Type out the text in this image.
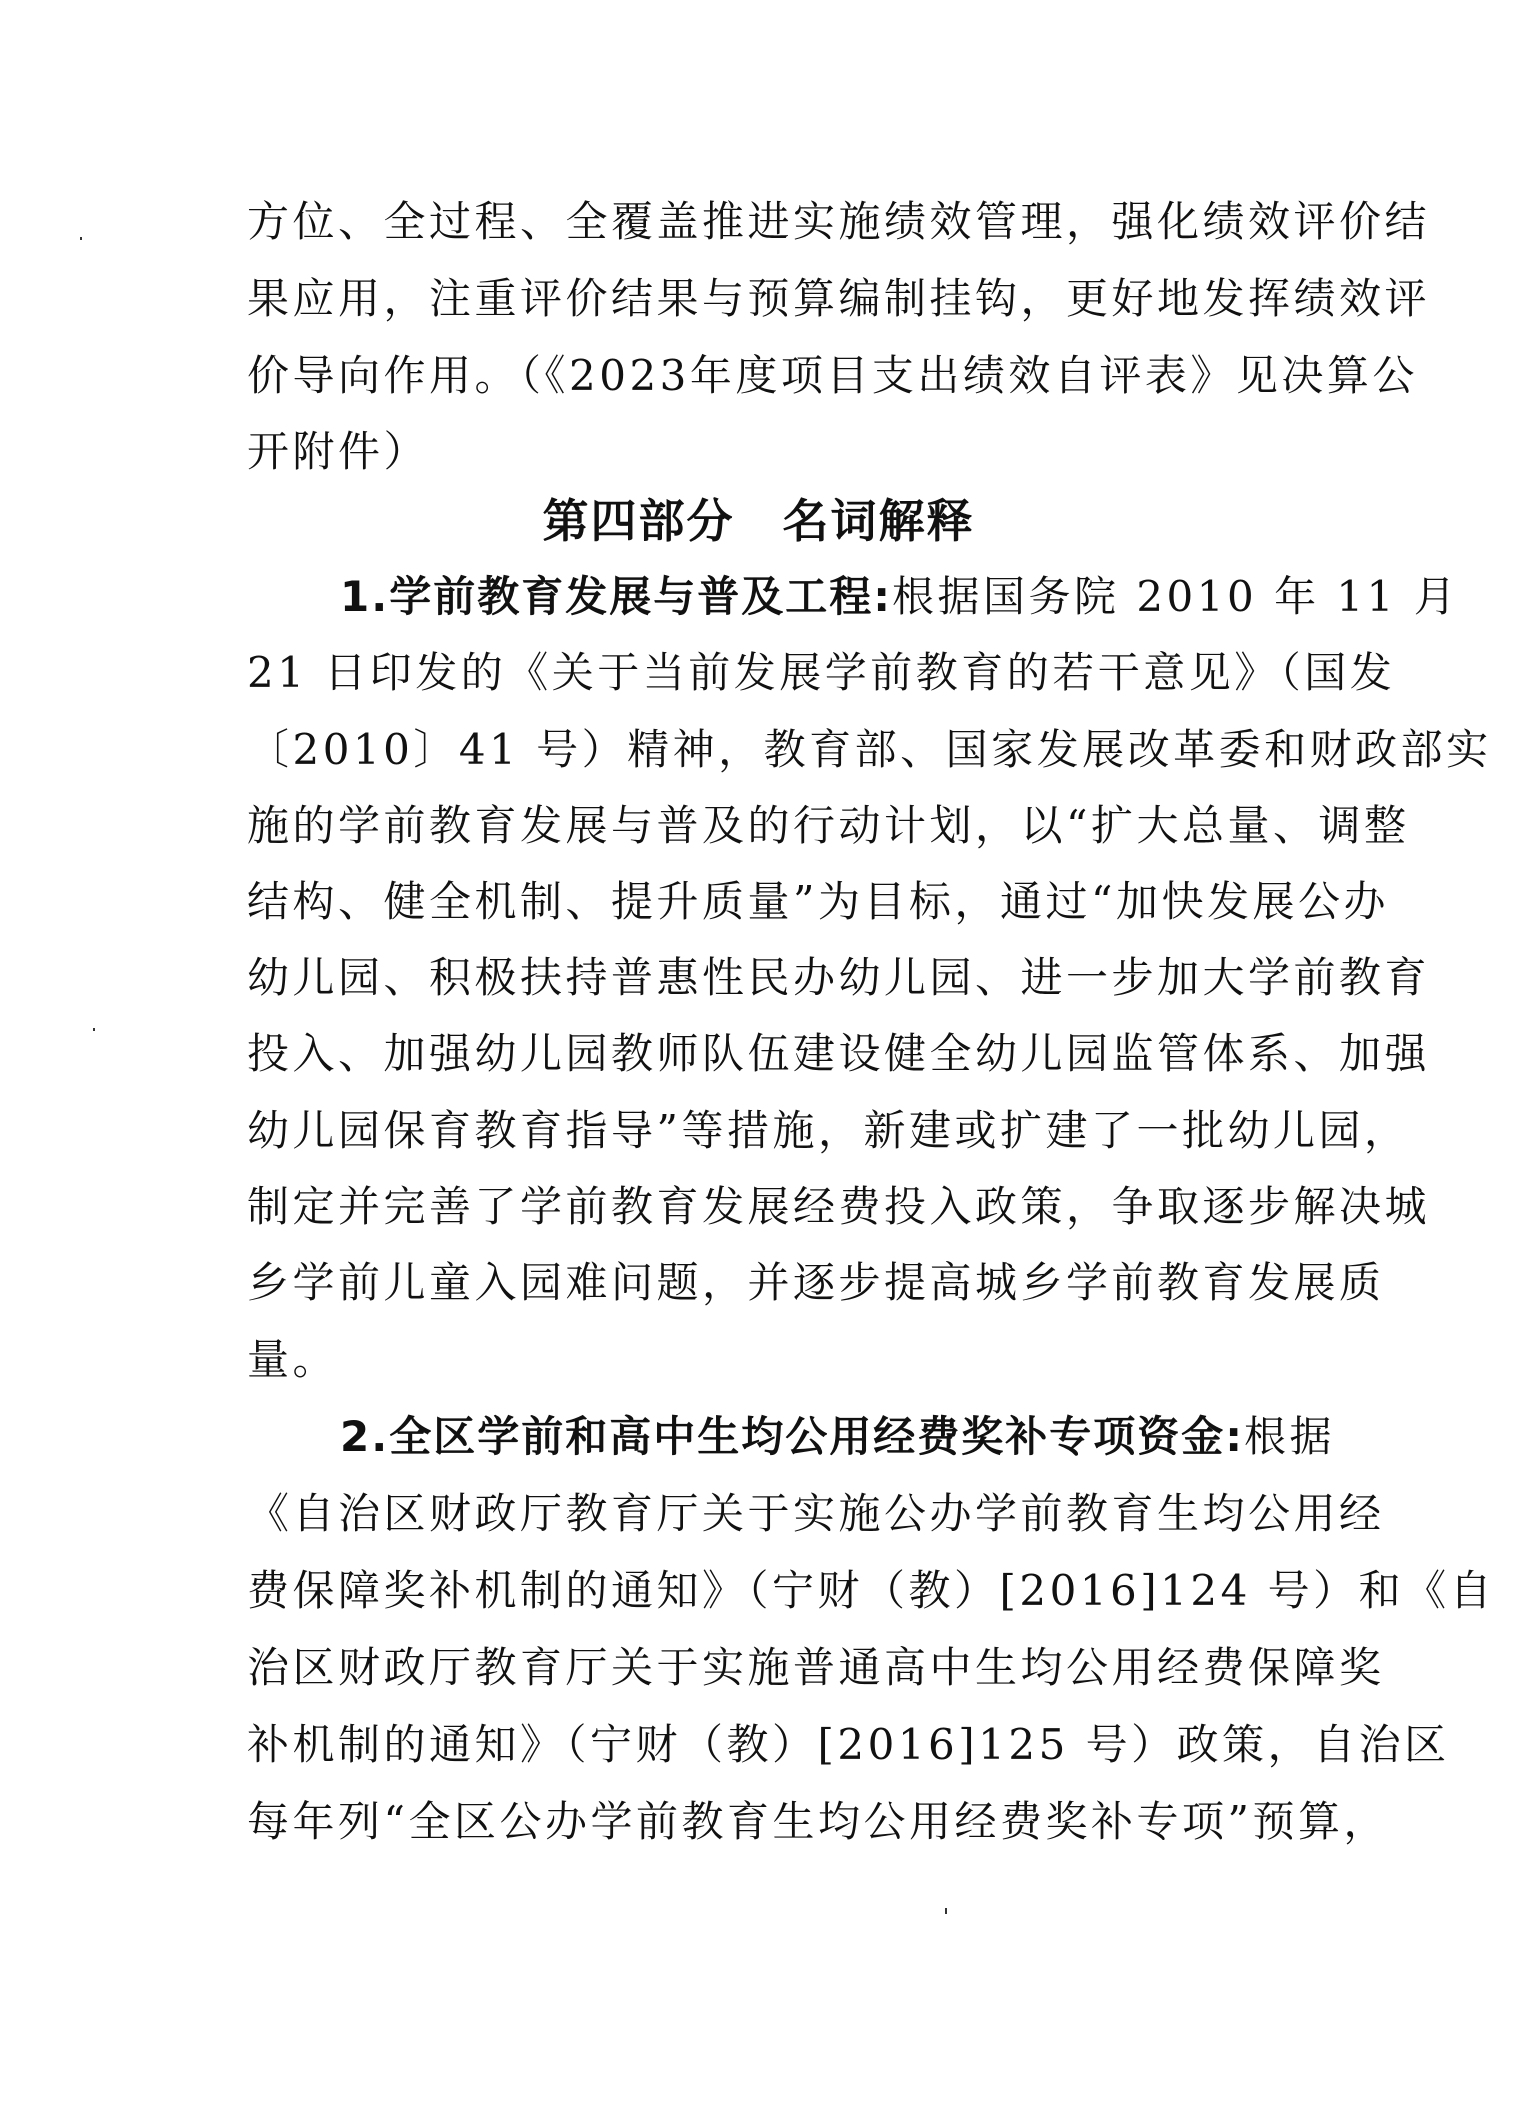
方位、全过程、全覆盖推进实施绩效管理，强化绩效评价结
果应用，注重评价结果与预算编制挂钩，更好地发挥绩效评
价导向作用。（《2023年度项目支出绩效自评表》见决算公
开附件）
第四部分 名词解释
1.学前教育发展与普及工程:根据国务院 2010 年 11 月
21 日印发的《关于当前发展学前教育的若干意见》（国发
〔2010〕41 号）精神，教育部、国家发展改革委和财政部实
施的学前教育发展与普及的行动计划，以“扩大总量、调整
结构、健全机制、提升质量”为目标，通过“加快发展公办
幼儿园、积极扶持普惠性民办幼儿园、进一步加大学前教育
投入、加强幼儿园教师队伍建设健全幼儿园监管体系、加强
幼儿园保育教育指导”等措施，新建或扩建了一批幼儿园，
制定并完善了学前教育发展经费投入政策，争取逐步解决城
乡学前儿童入园难问题，并逐步提高城乡学前教育发展质
量。
2.全区学前和高中生均公用经费奖补专项资金:根据
《自治区财政厅教育厅关于实施公办学前教育生均公用经
费保障奖补机制的通知》（宁财（教）[2016]124 号）和《自
治区财政厅教育厅关于实施普通高中生均公用经费保障奖
补机制的通知》（宁财（教）[2016]125 号）政策，自治区
每年列“全区公办学前教育生均公用经费奖补专项”预算，
